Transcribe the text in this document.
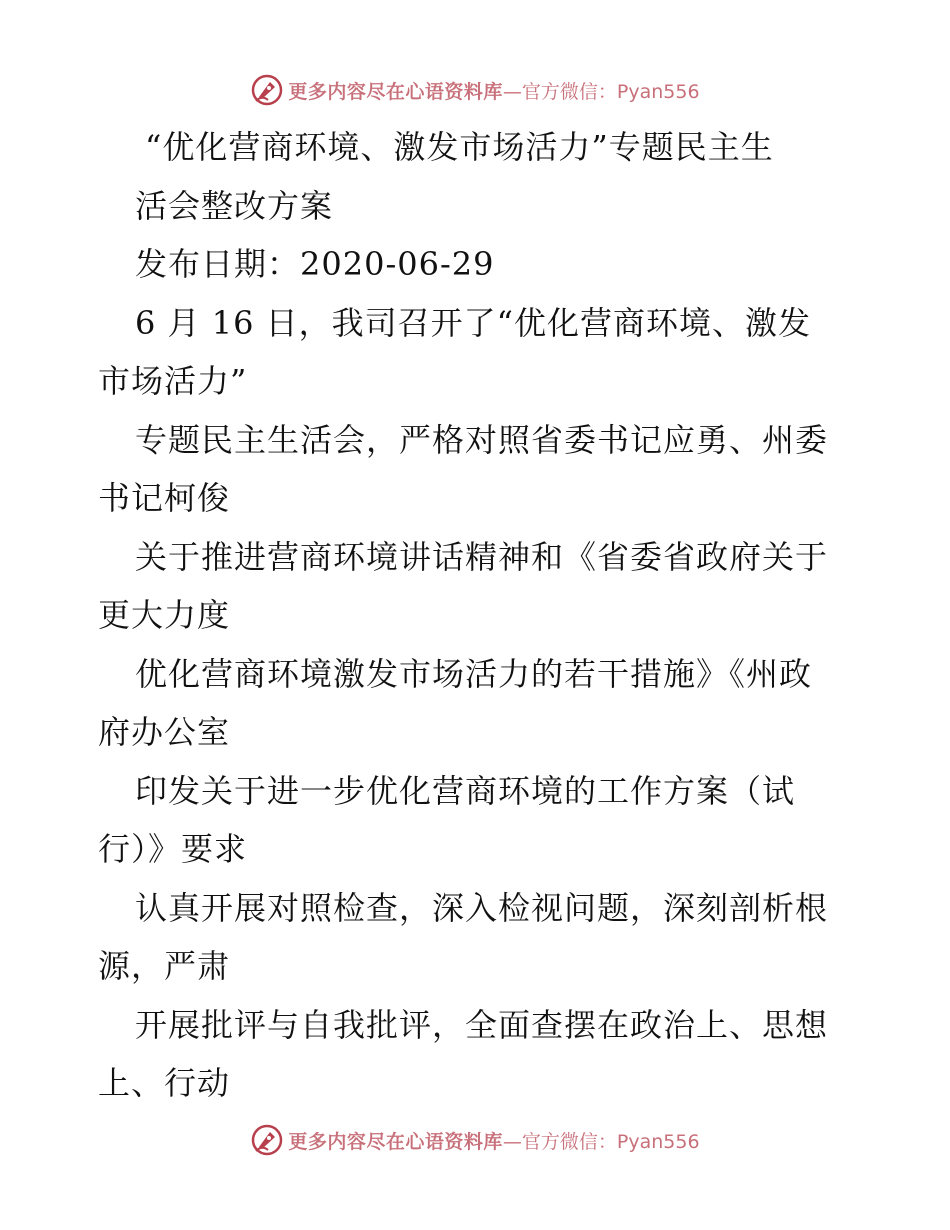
更多内容尽在心语资料库 —官方微信：Pyan556
“优化营商环境、激发市场活力”专题民主生
活会整改方案
发布日期：2020-06-29
6 月 16 日，我司召开了“优化营商环境、激发
市场活力”
专题民主生活会，严格对照省委书记应勇、州委
书记柯俊
关于推进营商环境讲话精神和《省委省政府关于
更大力度
优化营商环境激发市场活力的若干措施》《州政
府办公室
印发关于进一步优化营商环境的工作方案（试
行）》要求
认真开展对照检查，深入检视问题，深刻剖析根
源，严肃
开展批评与自我批评，全面查摆在政治上、思想
上、行动
更多内容尽在心语资料库 —官方微信：Pyan556
